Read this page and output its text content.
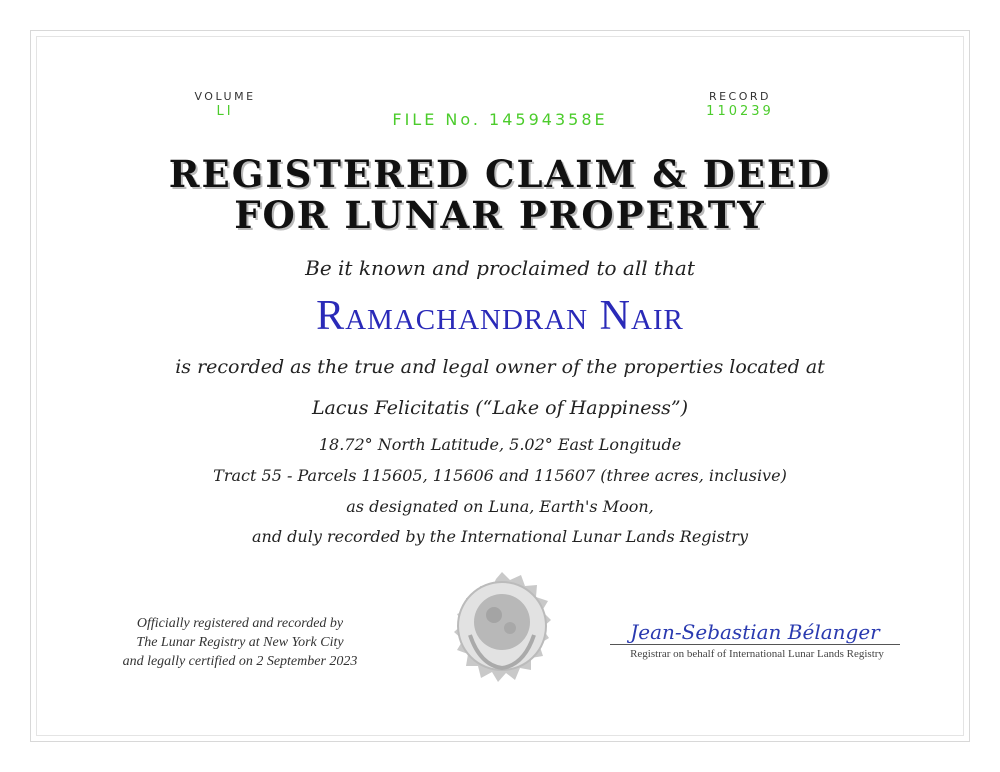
VOLUME
LI	FILE No. 14594358E
RECORD
110239
REGISTERED CLAIM & DEED
FOR LUNAR PROPERTY
Be it known and proclaimed to all that
Ramachandran Nair
is recorded as the true and legal owner of the properties located at
Lacus Felicitatis (“Lake of Happiness”)
18.72° North Latitude, 5.02° East Longitude
Tract 55 - Parcels 115605, 115606 and 115607 (three acres, inclusive)
as designated on Luna, Earth's Moon,
and duly recorded by the International Lunar Lands Registry
Officially registered and recorded by
The Lunar Registry at New York City
and legally certified on 2 September 2023
Jean-Sebastian Bélanger
Registrar on behalf of International Lunar Lands Registry
